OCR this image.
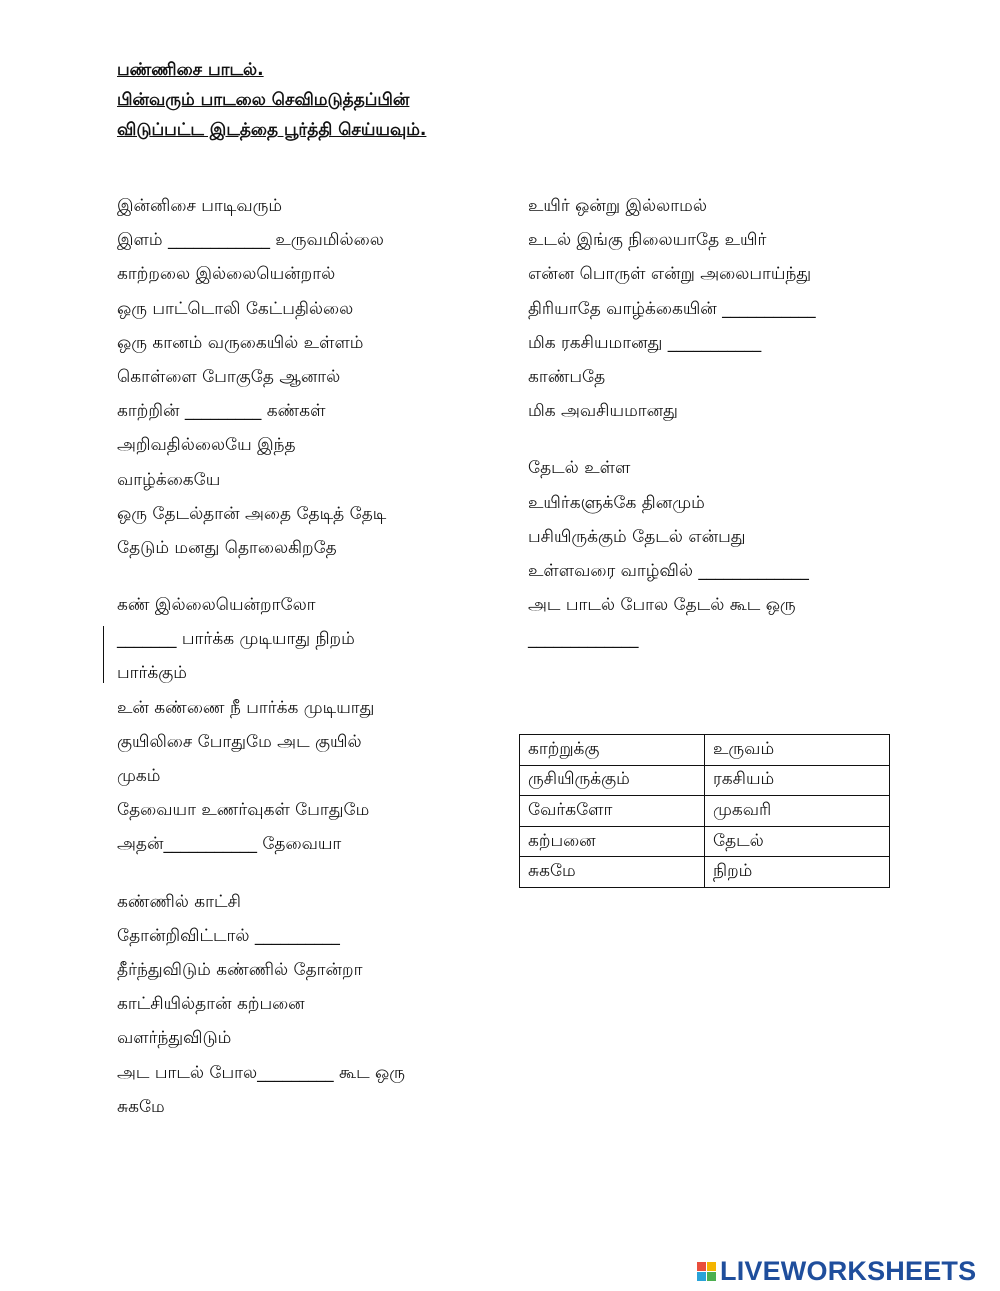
பண்ணிசை பாடல்.
பின்வரும் பாடலை செவிமடுத்தப்பின்
விடுப்பட்ட இடத்தை பூர்த்தி செய்யவும்.
இன்னிசை பாடிவரும்
இளம் ____________ உருவமில்லை
காற்றலை இல்லையென்றால்
ஒரு பாட்டொலி கேட்பதில்லை
ஒரு கானம் வருகையில் உள்ளம்
கொள்ளை போகுதே ஆனால்
காற்றின் _________ கண்கள்
அறிவதில்லையே இந்த
வாழ்க்கையே
ஒரு தேடல்தான் அதை தேடித் தேடி
தேடும் மனது தொலைகிறதே
கண் இல்லையென்றாலோ
_______ பார்க்க முடியாது நிறம்
பார்க்கும்
உன் கண்ணை நீ பார்க்க முடியாது
குயிலிசை போதுமே அட குயில்
முகம்
தேவையா உணர்வுகள் போதுமே
அதன்___________ தேவையா
கண்ணில் காட்சி
தோன்றிவிட்டால் __________
தீர்ந்துவிடும் கண்ணில் தோன்றா
காட்சியில்தான் கற்பனை
வளர்ந்துவிடும்
அட பாடல் போல_________ கூட ஒரு
சுகமே
உயிர் ஒன்று இல்லாமல்
உடல் இங்கு நிலையாதே உயிர்
என்ன பொருள் என்று அலைபாய்ந்து
திரியாதே வாழ்க்கையின் ___________
மிக ரகசியமானது ___________
காண்பதே
மிக அவசியமானது
தேடல் உள்ள
உயிர்களுக்கே தினமும்
பசியிருக்கும் தேடல் என்பது
உள்ளவரை வாழ்வில் _____________
அட பாடல் போல தேடல் கூட ஒரு
_____________
காற்றுக்கு	உருவம்
ருசியிருக்கும்	ரகசியம்
வேர்களோ	முகவரி
கற்பனை	தேடல்
சுகமே	நிறம்
LIVEWORKSHEETS
